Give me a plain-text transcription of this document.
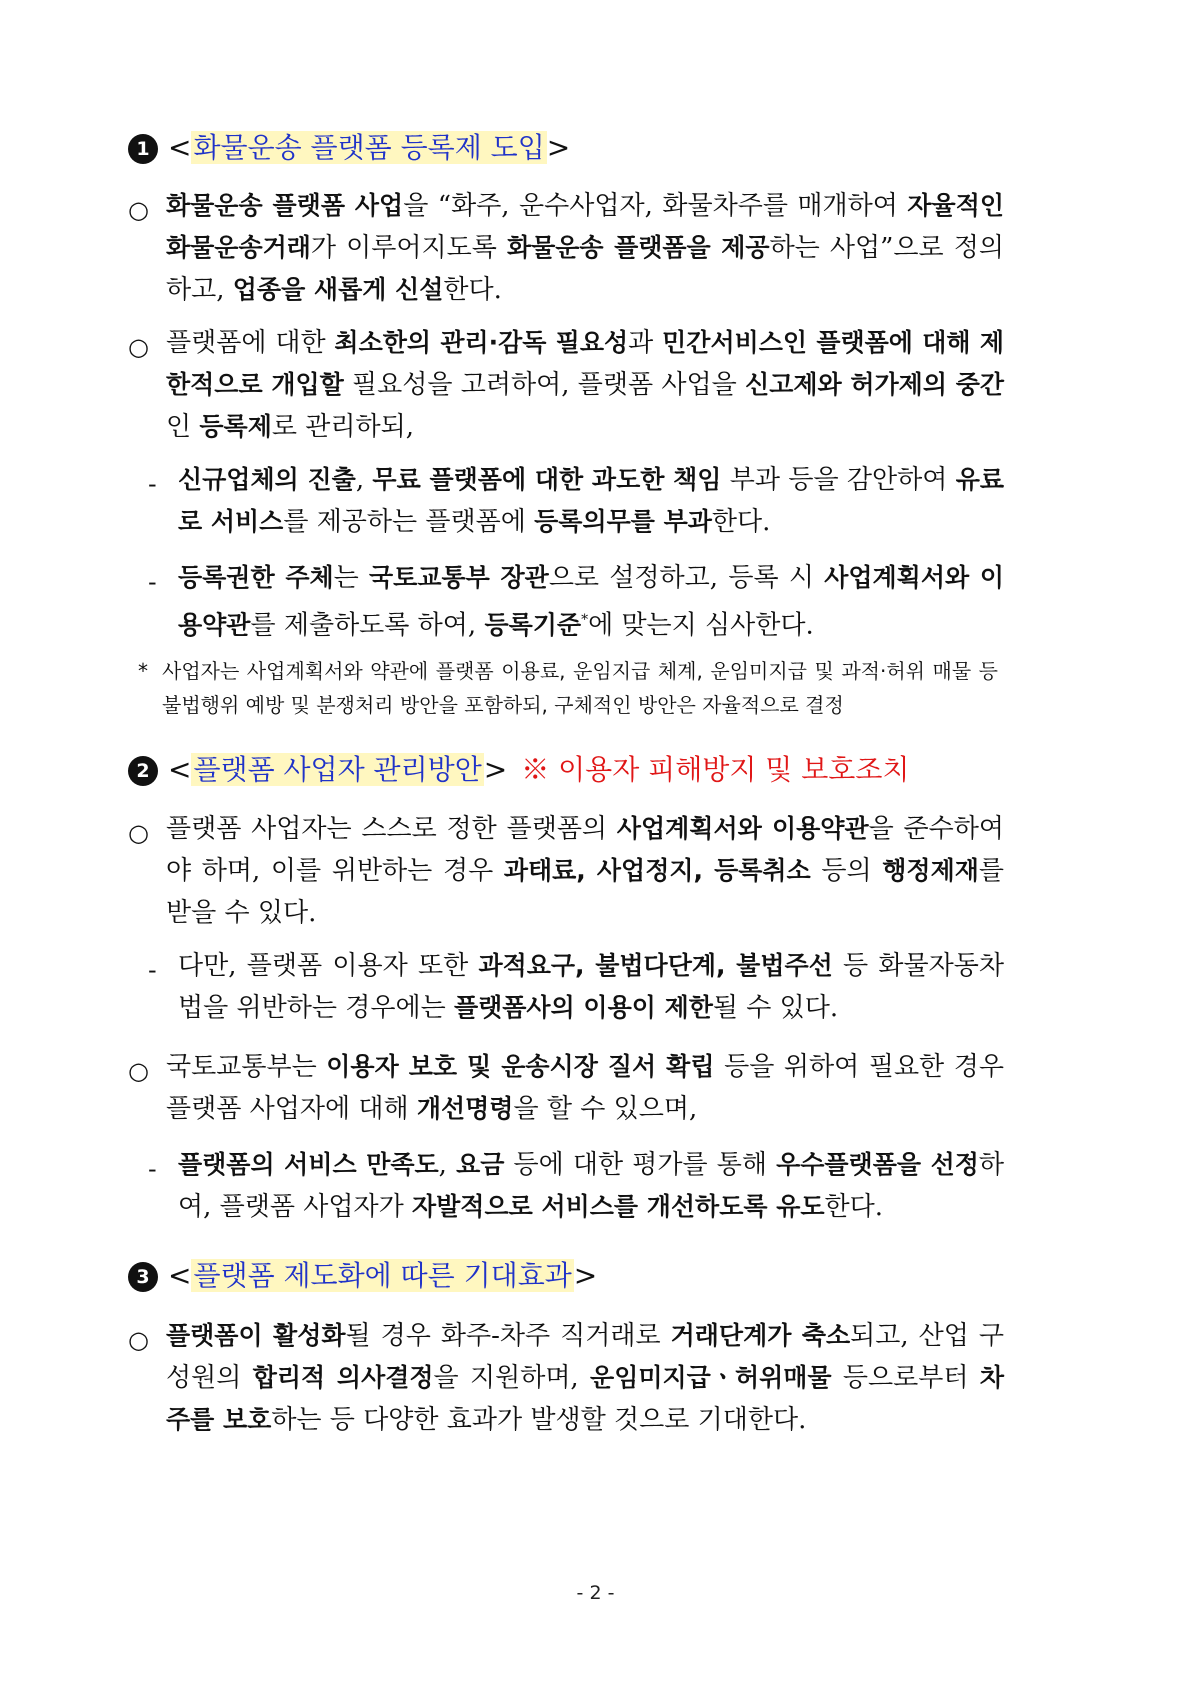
1 <화물운송 플랫폼 등록제 도입>
○ 화물운송 플랫폼 사업을 “화주, 운수사업자, 화물차주를 매개하여 자율적인 화물운송거래가 이루어지도록 화물운송 플랫폼을 제공하는 사업”으로 정의하고, 업종을 새롭게 신설한다.
○ 플랫폼에 대한 최소한의 관리·감독 필요성과 민간서비스인 플랫폼에 대해 제한적으로 개입할 필요성을 고려하여, 플랫폼 사업을 신고제와 허가제의 중간인 등록제로 관리하되,
- 신규업체의 진출, 무료 플랫폼에 대한 과도한 책임 부과 등을 감안하여 유료로 서비스를 제공하는 플랫폼에 등록의무를 부과한다.
- 등록권한 주체는 국토교통부 장관으로 설정하고, 등록 시 사업계획서와 이용약관를 제출하도록 하여, 등록기준*에 맞는지 심사한다.
* 사업자는 사업계획서와 약관에 플랫폼 이용료, 운임지급 체계, 운임미지급 및 과적·허위 매물 등 불법행위 예방 및 분쟁처리 방안을 포함하되, 구체적인 방안은 자율적으로 결정
2 <플랫폼 사업자 관리방안> ※ 이용자 피해방지 및 보호조치
○ 플랫폼 사업자는 스스로 정한 플랫폼의 사업계획서와 이용약관을 준수하여야 하며, 이를 위반하는 경우 과태료, 사업정지, 등록취소 등의 행정제재를 받을 수 있다.
- 다만, 플랫폼 이용자 또한 과적요구, 불법다단계, 불법주선 등 화물자동차법을 위반하는 경우에는 플랫폼사의 이용이 제한될 수 있다.
○ 국토교통부는 이용자 보호 및 운송시장 질서 확립 등을 위하여 필요한 경우 플랫폼 사업자에 대해 개선명령을 할 수 있으며,
- 플랫폼의 서비스 만족도, 요금 등에 대한 평가를 통해 우수플랫폼을 선정하여, 플랫폼 사업자가 자발적으로 서비스를 개선하도록 유도한다.
3 <플랫폼 제도화에 따른 기대효과>
○ 플랫폼이 활성화될 경우 화주-차주 직거래로 거래단계가 축소되고, 산업 구성원의 합리적 의사결정을 지원하며, 운임미지급ㆍ허위매물 등으로부터 차주를 보호하는 등 다양한 효과가 발생할 것으로 기대한다.
- 2 -
